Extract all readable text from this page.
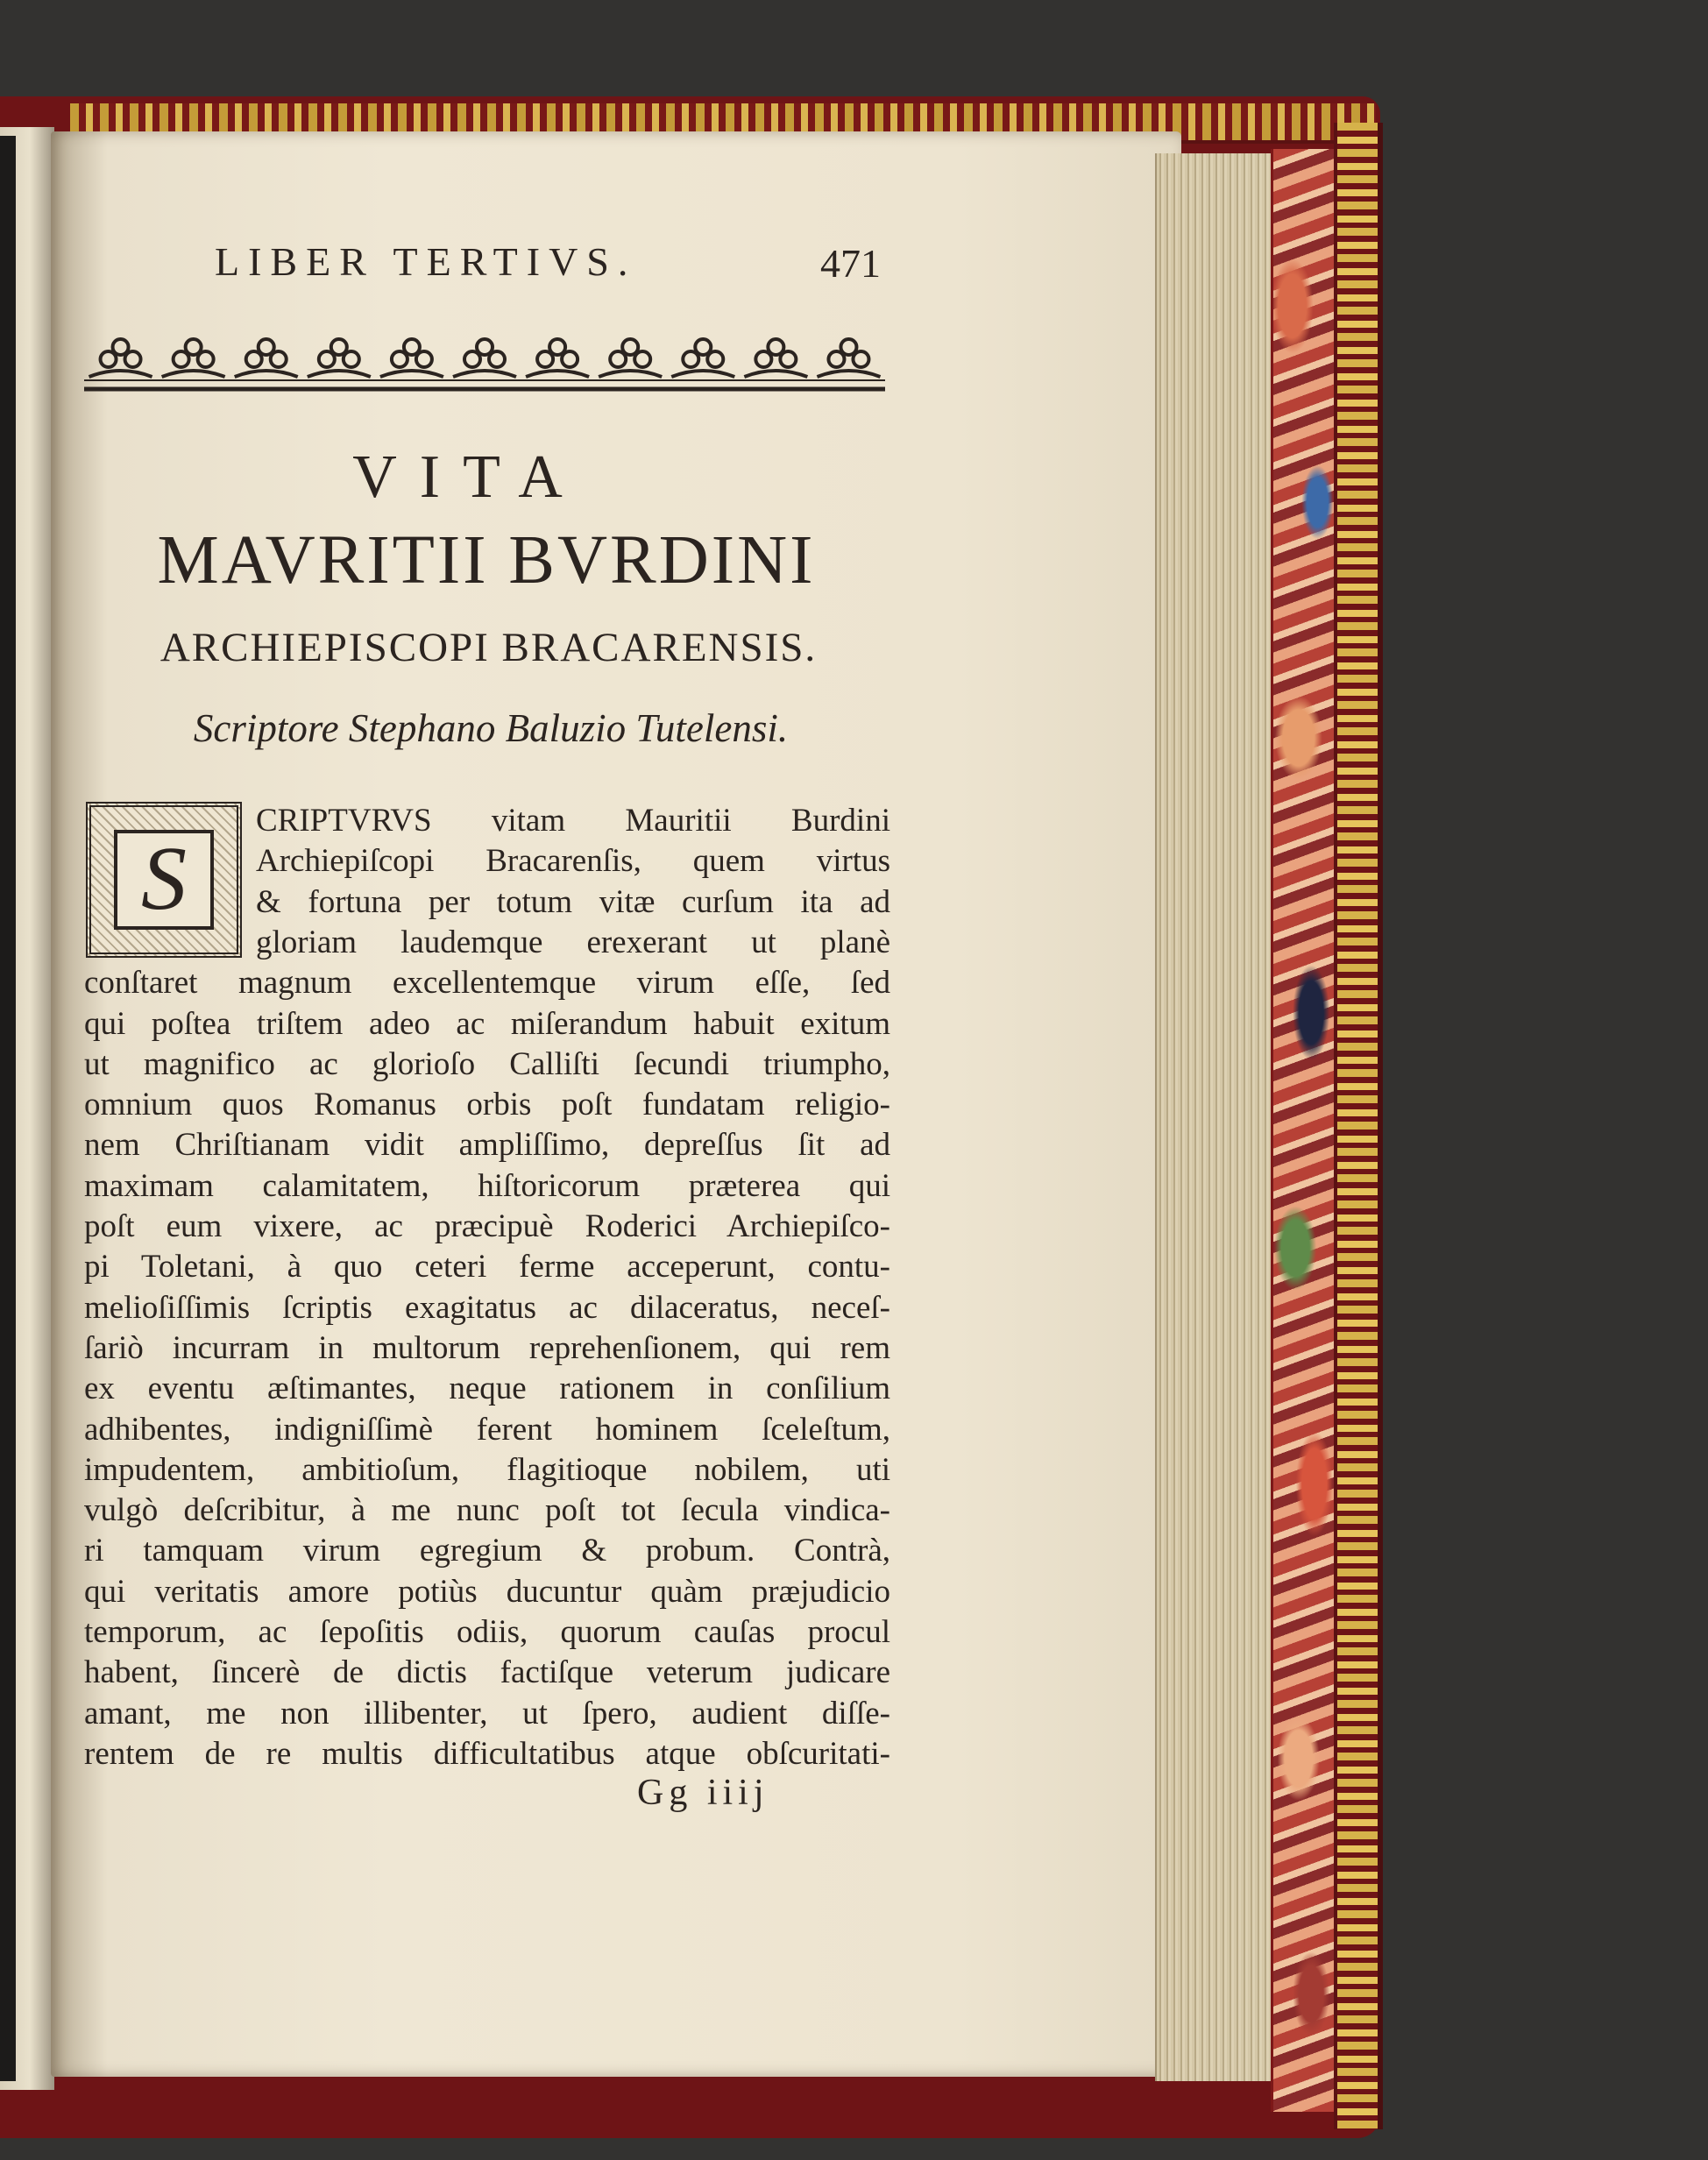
LIBER TERTIVS.	471
VITA
MAVRITII BVRDINI
ARCHIEPISCOPI BRACARENSIS.
Scriptore Stephano Baluzio Tutelensi.
S
CRIPTVRVS vitam Mauritii Burdini
Archiepiſcopi Bracarenſis, quem virtus
& fortuna per totum vitæ curſum ita ad
gloriam laudemque erexerant ut planè
conſtaret magnum excellentemque virum eſſe, ſed
qui poſtea triſtem adeo ac miſerandum habuit exitum
ut magnifico ac glorioſo Calliſti ſecundi triumpho,
omnium quos Romanus orbis poſt fundatam religio-
nem Chriſtianam vidit ampliſſimo, depreſſus ſit ad
maximam calamitatem, hiſtoricorum præterea qui
poſt eum vixere, ac præcipuè Roderici Archiepiſco-
pi Toletani, à quo ceteri ferme acceperunt, contu-
melioſiſſimis ſcriptis exagitatus ac dilaceratus, neceſ-
ſariò incurram in multorum reprehenſionem, qui rem
ex eventu æſtimantes, neque rationem in conſilium
adhibentes, indigniſſimè ferent hominem ſceleſtum,
impudentem, ambitioſum, flagitioque nobilem, uti
vulgò deſcribitur, à me nunc poſt tot ſecula vindica-
ri tamquam virum egregium & probum. Contrà,
qui veritatis amore potiùs ducuntur quàm præjudicio
temporum, ac ſepoſitis odiis, quorum cauſas procul
habent, ſincerè de dictis factiſque veterum judicare
amant, me non illibenter, ut ſpero, audient diſſe-
rentem de re multis difficultatibus atque obſcuritati-
Gg iiij
